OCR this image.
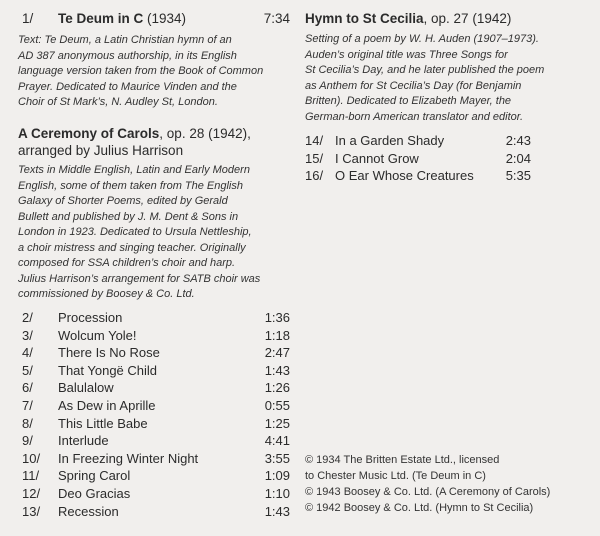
1/	Te Deum in C (1934)	7:34

Text: Te Deum, a Latin Christian hymn of an

AD 387 anonymous authorship, in its English

language version taken from the Book of Common

Prayer. Dedicated to Maurice Vinden and the

Choir of St Mark’s, N. Audley St, London.

A Ceremony of Carols, op. 28 (1942),

arranged by Julius Harrison

Texts in Middle English, Latin and Early Modern

English, some of them taken from The English

Galaxy of Shorter Poems, edited by Gerald

Bullett and published by J. M. Dent & Sons in

London in 1923. Dedicated to Ursula Nettleship,

a choir mistress and singing teacher. Originally

composed for SSA children’s choir and harp.

Julius Harrison’s arrangement for SATB choir was

commissioned by Boosey & Co. Ltd.

2/	Procession	1:36
3/	Wolcum Yole!	1:18
4/	There Is No Rose	2:47
5/	That Yongë Child	1:43
6/	Balulalow	1:26
7/	As Dew in Aprille	0:55
8/	This Little Babe	1:25
9/	Interlude	4:41
10/	In Freezing Winter Night	3:55
11/	Spring Carol	1:09
12/	Deo Gracias	1:10
13/	Recession	1:43

Hymn to St Cecilia, op. 27 (1942)

Setting of a poem by W. H. Auden (1907–1973).

Auden’s original title was Three Songs for

St Cecilia’s Day, and he later published the poem

as Anthem for St Cecilia’s Day (for Benjamin

Britten). Dedicated to Elizabeth Mayer, the

German-born American translator and editor.

14/ In a Garden Shady	2:43
15/ I Cannot Grow	2:04
16/ O Ear Whose Creatures	5:35

© 1934 The Britten Estate Ltd., licensed

to Chester Music Ltd. (Te Deum in C)

© 1943 Boosey & Co. Ltd. (A Ceremony of Carols)

© 1942 Boosey & Co. Ltd. (Hymn to St Cecilia)
